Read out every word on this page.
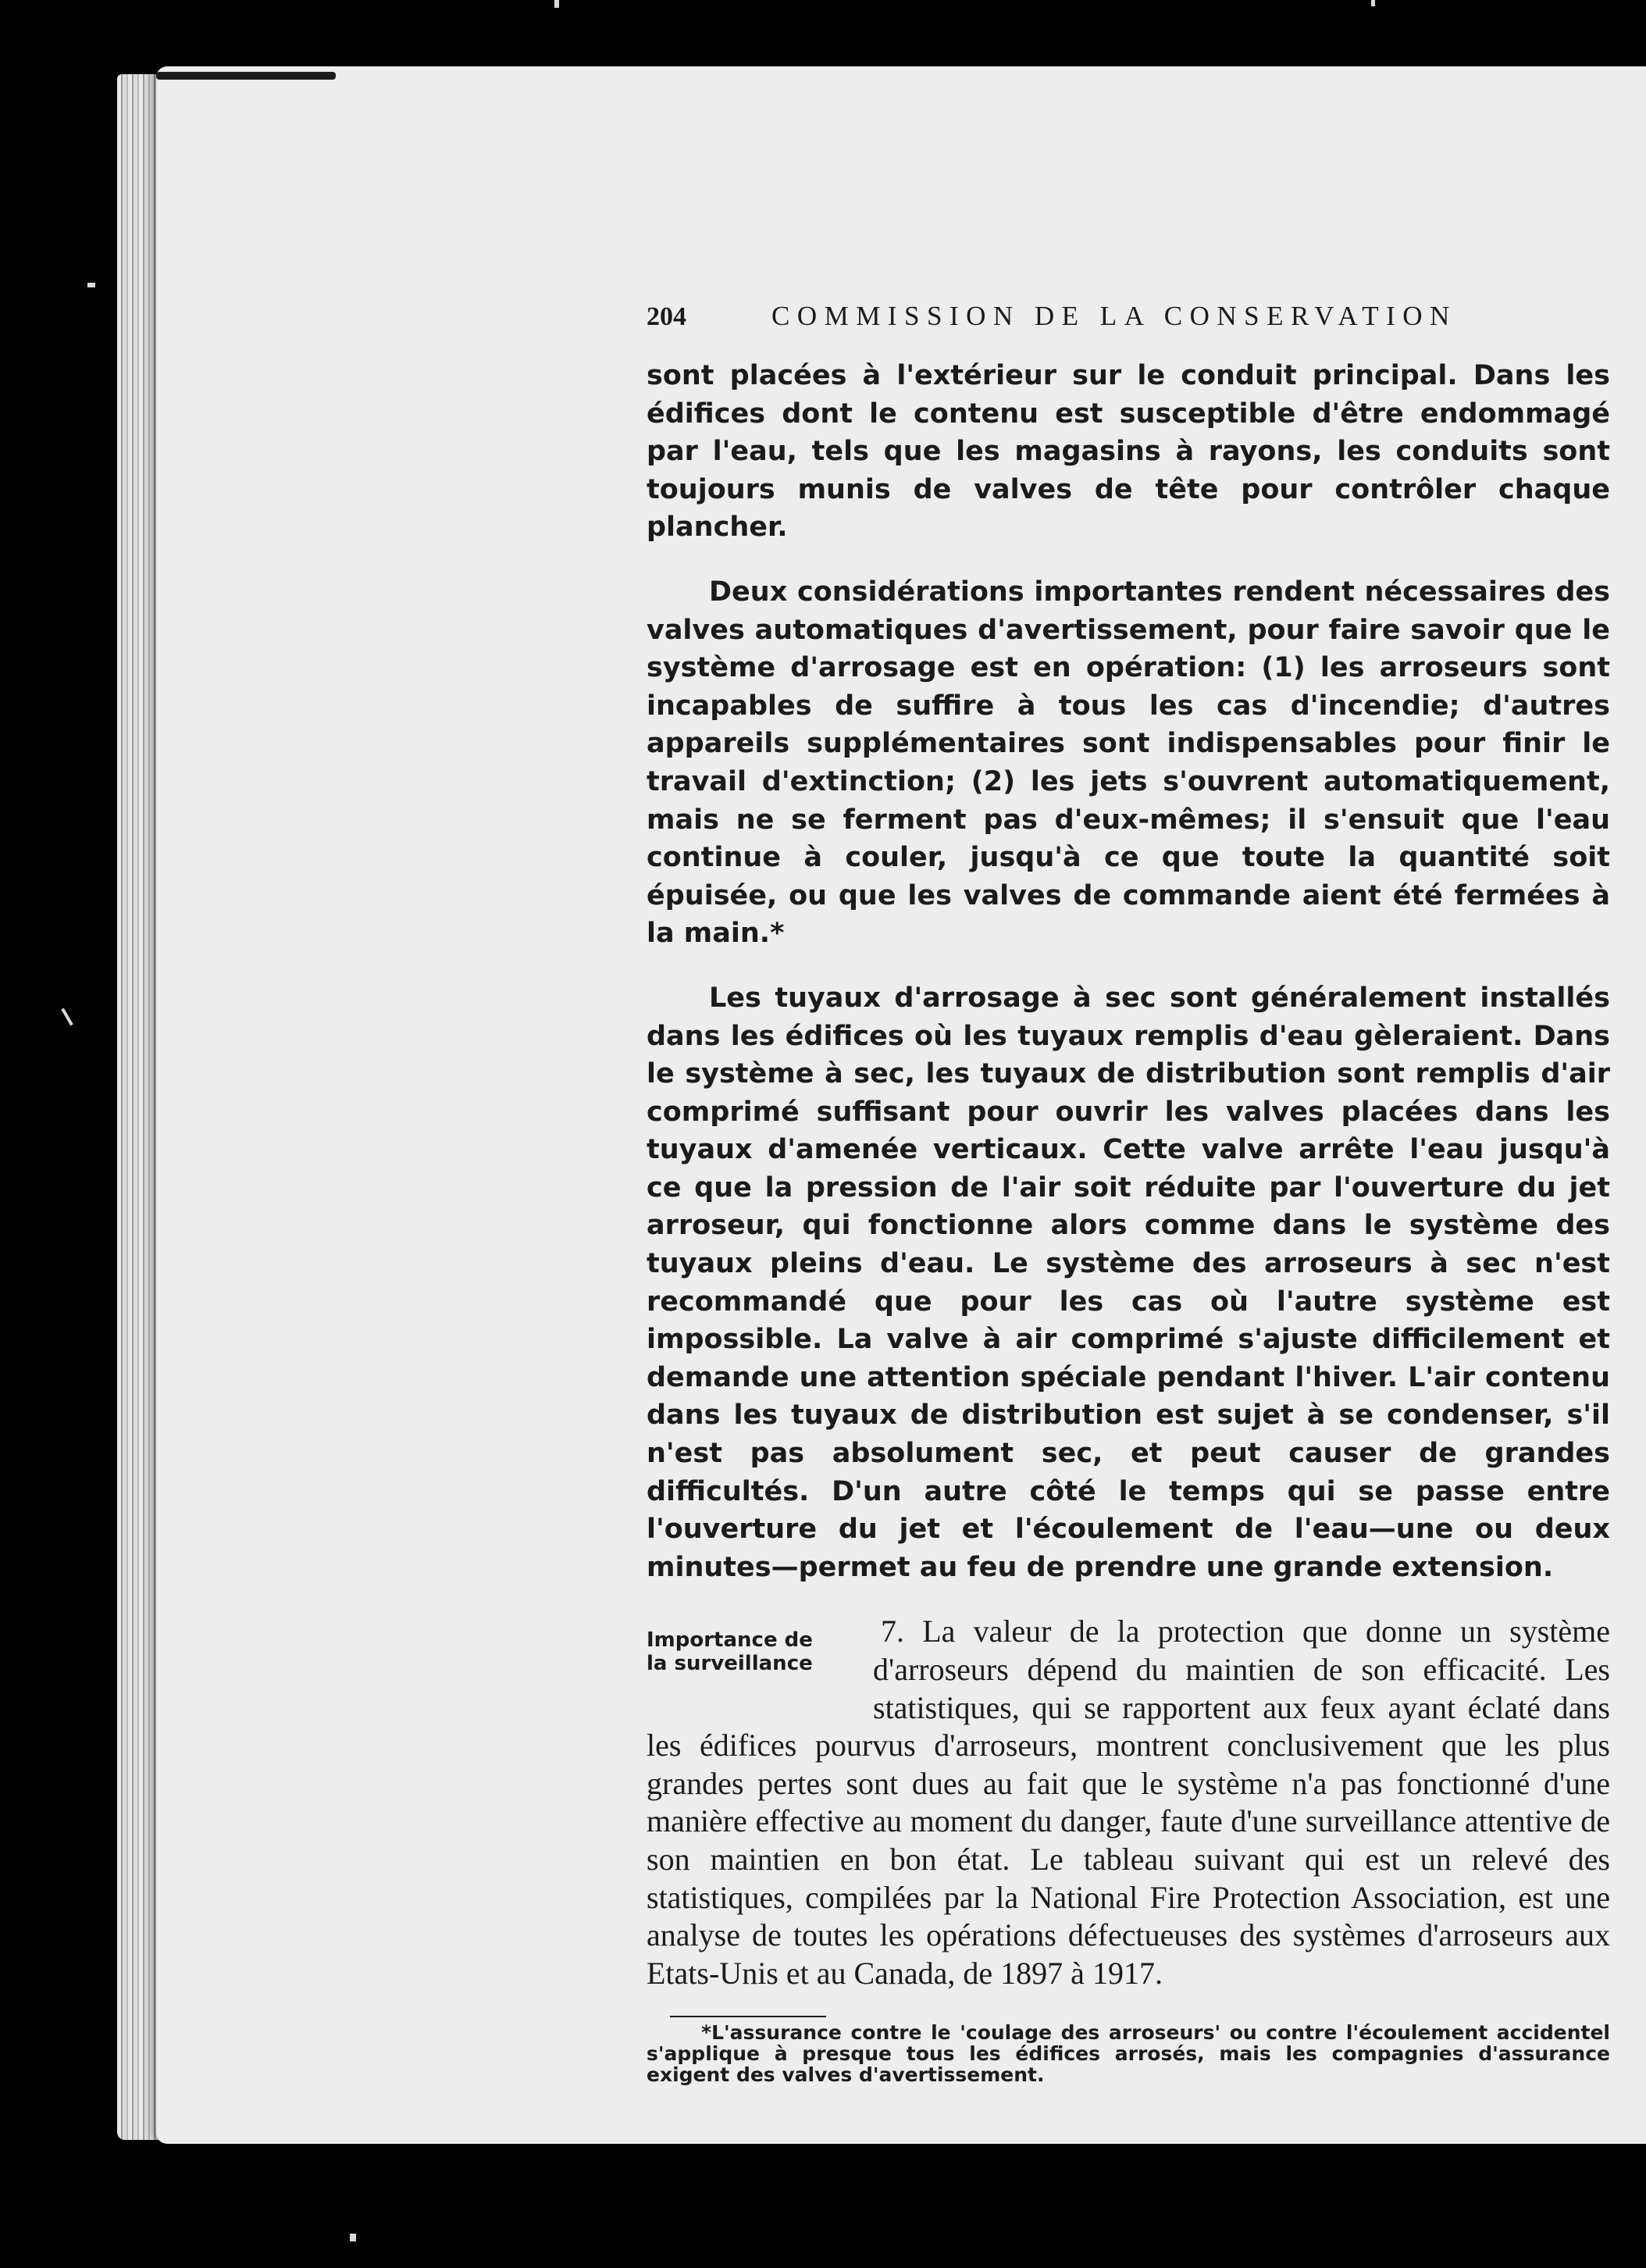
204	COMMISSION DE LA CONSERVATION

sont placées à l'extérieur sur le conduit principal. Dans les édifices dont le contenu est susceptible d'être endommagé par l'eau, tels que les magasins à rayons, les conduits sont toujours munis de valves de tête pour contrôler chaque plancher.

Deux considérations importantes rendent nécessaires des valves automatiques d'avertissement, pour faire savoir que le système d'arrosage est en opération: (1) les arroseurs sont incapables de suffire à tous les cas d'incendie; d'autres appareils supplémentaires sont indispensables pour finir le travail d'extinction; (2) les jets s'ouvrent automatiquement, mais ne se ferment pas d'eux-mêmes; il s'ensuit que l'eau continue à couler, jusqu'à ce que toute la quantité soit épuisée, ou que les valves de commande aient été fermées à la main.*

Les tuyaux d'arrosage à sec sont généralement installés dans les édifices où les tuyaux remplis d'eau gèleraient. Dans le système à sec, les tuyaux de distribution sont remplis d'air comprimé suffisant pour ouvrir les valves placées dans les tuyaux d'amenée verticaux. Cette valve arrête l'eau jusqu'à ce que la pression de l'air soit réduite par l'ouverture du jet arroseur, qui fonctionne alors comme dans le système des tuyaux pleins d'eau. Le système des arroseurs à sec n'est recommandé que pour les cas où l'autre système est impossible. La valve à air comprimé s'ajuste difficilement et demande une attention spéciale pendant l'hiver. L'air contenu dans les tuyaux de distribution est sujet à se condenser, s'il n'est pas absolument sec, et peut causer de grandes difficultés. D'un autre côté le temps qui se passe entre l'ouverture du jet et l'écoulement de l'eau—une ou deux minutes—permet au feu de prendre une grande extension.

Importance de la surveillance

7. La valeur de la protection que donne un système d'arroseurs dépend du maintien de son efficacité. Les statistiques, qui se rapportent aux feux ayant éclaté dans les édifices pourvus d'arroseurs, montrent conclusivement que les plus grandes pertes sont dues au fait que le système n'a pas fonctionné d'une manière effective au moment du danger, faute d'une surveillance attentive de son maintien en bon état. Le tableau suivant qui est un relevé des statistiques, compilées par la National Fire Protection Association, est une analyse de toutes les opérations défectueuses des systèmes d'arroseurs aux Etats-Unis et au Canada, de 1897 à 1917.

*L'assurance contre le 'coulage des arroseurs' ou contre l'écoulement accidentel s'applique à presque tous les édifices arrosés, mais les compagnies d'assurance exigent des valves d'avertissement.
